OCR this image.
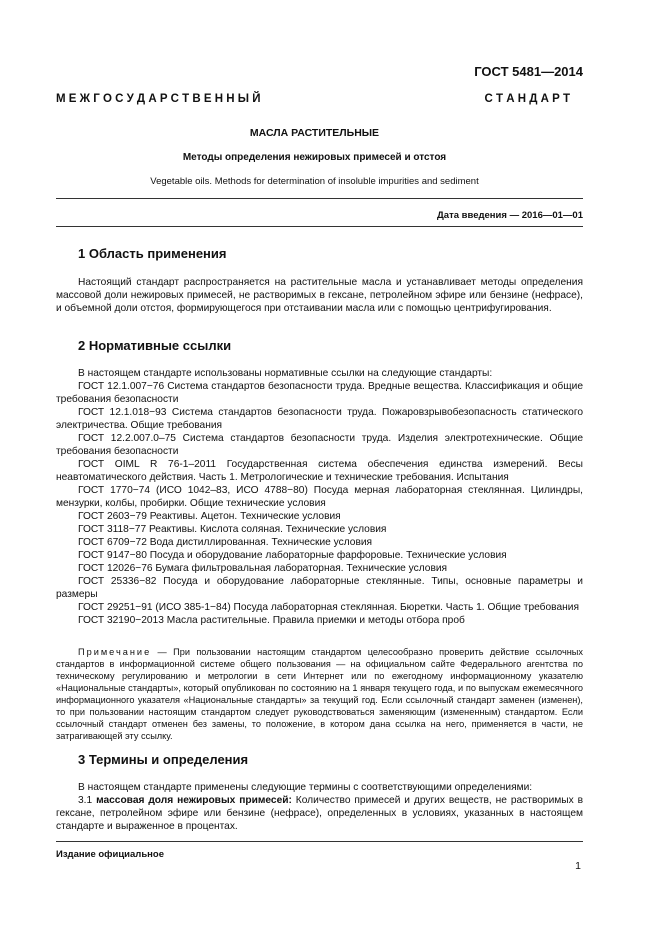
ГОСТ 5481—2014
М Е Ж Г О С У Д А Р С Т В Е Н Н Ы Й	С Т А Н Д А Р Т
МАСЛА РАСТИТЕЛЬНЫЕ
Методы определения нежировых примесей и отстоя
Vegetable oils. Methods for determination of insoluble impurities and sediment
Дата введения — 2016—01—01
1 Область применения

Настоящий стандарт распространяется на растительные масла и устанавливает методы определения массовой доли нежировых примесей, не растворимых в гексане, петролейном эфире или бензине (нефрасе), и объемной доли отстоя, формирующегося при отстаивании масла или с помощью центрифугирования.

2 Нормативные ссылки

В настоящем стандарте использованы нормативные ссылки на следующие стандарты:

ГОСТ 12.1.007−76 Система стандартов безопасности труда. Вредные вещества. Классификация и общие требования безопасности

ГОСТ 12.1.018−93 Система стандартов безопасности труда. Пожаровзрывобезопасность статического электричества. Общие требования

ГОСТ 12.2.007.0–75 Система стандартов безопасности труда. Изделия электротехнические. Общие требования безопасности

ГОСТ OIML R 76-1–2011 Государственная система обеспечения единства измерений. Весы неавтоматического действия. Часть 1. Метрологические и технические требования. Испытания

ГОСТ 1770−74 (ИСО 1042–83, ИСО 4788−80) Посуда мерная лабораторная стеклянная. Цилиндры, мензурки, колбы, пробирки. Общие технические условия

ГОСТ 2603−79 Реактивы. Ацетон. Технические условия

ГОСТ 3118−77 Реактивы. Кислота соляная. Технические условия

ГОСТ 6709−72 Вода дистиллированная. Технические условия

ГОСТ 9147−80 Посуда и оборудование лабораторные фарфоровые. Технические условия

ГОСТ 12026−76 Бумага фильтровальная лабораторная. Технические условия

ГОСТ 25336−82 Посуда и оборудование лабораторные стеклянные. Типы, основные параметры и размеры

ГОСТ 29251−91 (ИСО 385-1−84) Посуда лабораторная стеклянная. Бюретки. Часть 1. Общие требования

ГОСТ 32190−2013 Масла растительные. Правила приемки и методы отбора проб

Примечание — При пользовании настоящим стандартом целесообразно проверить действие ссылочных стандартов в информационной системе общего пользования — на официальном сайте Федерального агентства по техническому регулированию и метрологии в сети Интернет или по ежегодному информационному указателю «Национальные стандарты», который опубликован по состоянию на 1 января текущего года, и по выпускам ежемесячного информационного указателя «Национальные стандарты» за текущий год. Если ссылочный стандарт заменен (изменен), то при пользовании настоящим стандартом следует руководствоваться заменяющим (измененным) стандартом. Если ссылочный стандарт отменен без замены, то положение, в котором дана ссылка на него, применяется в части, не затрагивающей эту ссылку.

3 Термины и определения

В настоящем стандарте применены следующие термины с соответствующими определениями:

3.1 массовая доля нежировых примесей: Количество примесей и других веществ, не растворимых в гексане, петролейном эфире или бензине (нефрасе), определенных в условиях, указанных в настоящем стандарте и выраженное в процентах.

Издание официальное
1
